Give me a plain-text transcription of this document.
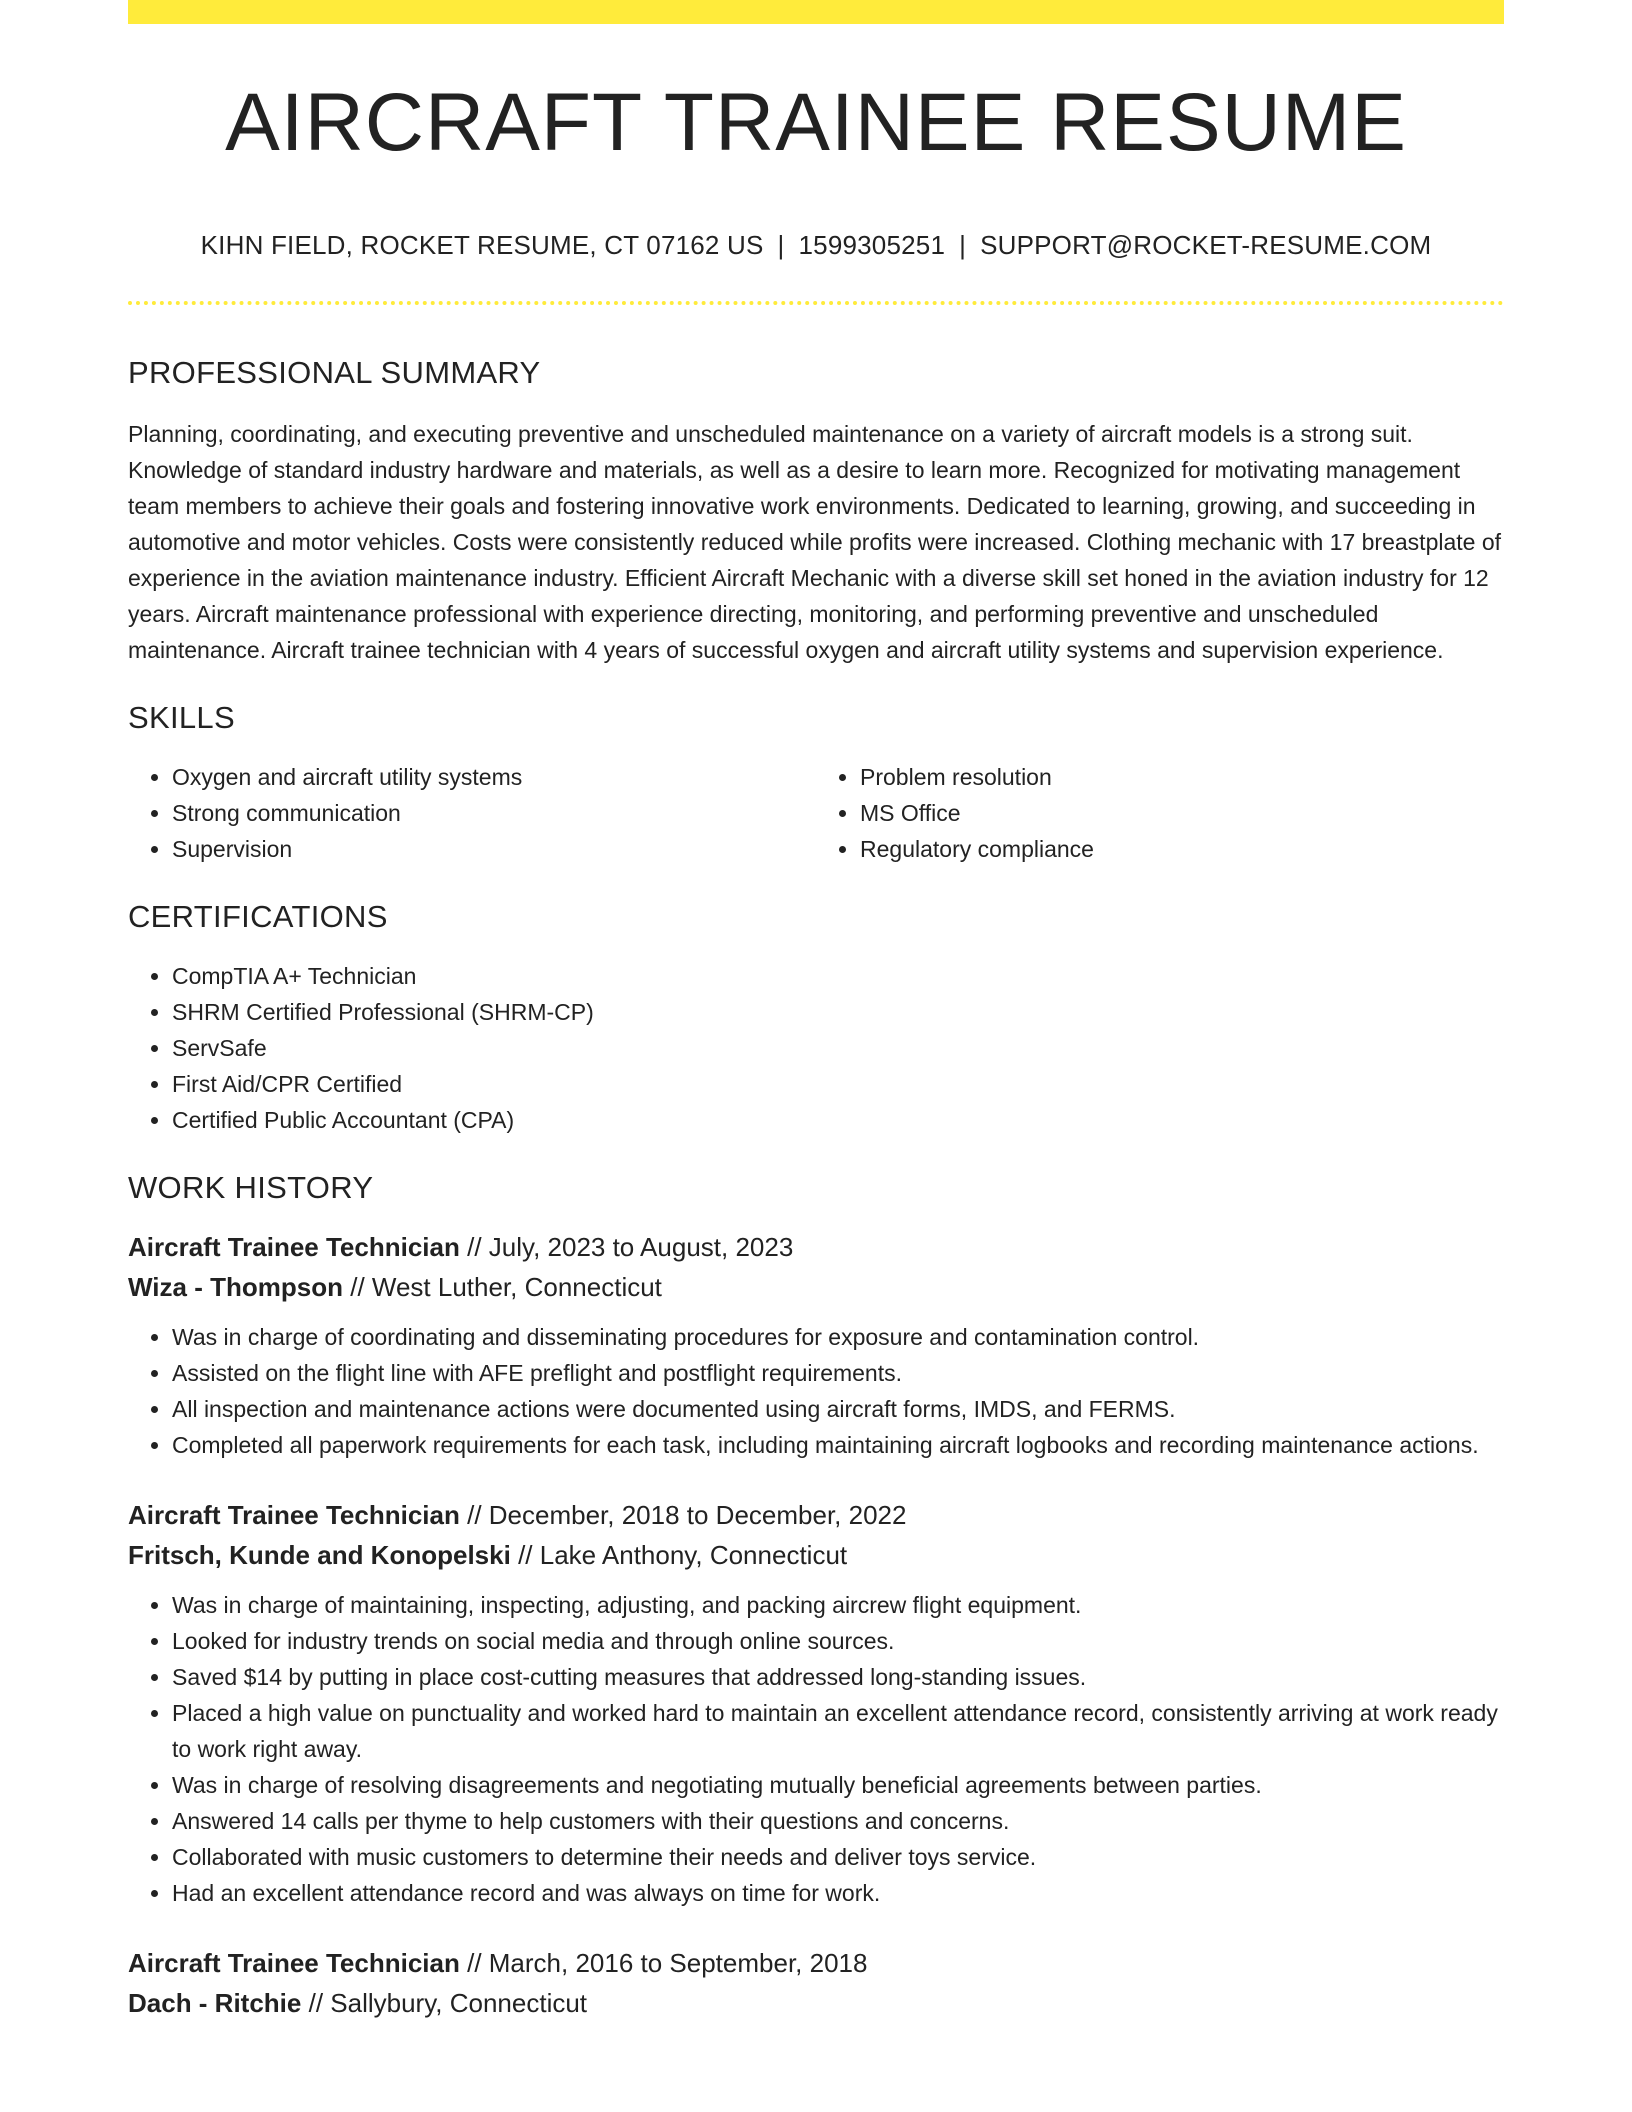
AIRCRAFT TRAINEE RESUME
KIHN FIELD, ROCKET RESUME, CT 07162 US | 1599305251 | SUPPORT@ROCKET-RESUME.COM
PROFESSIONAL SUMMARY

Planning, coordinating, and executing preventive and unscheduled maintenance on a variety of aircraft models is a strong suit. Knowledge of standard industry hardware and materials, as well as a desire to learn more. Recognized for motivating management team members to achieve their goals and fostering innovative work environments. Dedicated to learning, growing, and succeeding in automotive and motor vehicles. Costs were consistently reduced while profits were increased. Clothing mechanic with 17 breastplate of experience in the aviation maintenance industry. Efficient Aircraft Mechanic with a diverse skill set honed in the aviation industry for 12 years. Aircraft maintenance professional with experience directing, monitoring, and performing preventive and unscheduled maintenance. Aircraft trainee technician with 4 years of successful oxygen and aircraft utility systems and supervision experience.

SKILLS
• Oxygen and aircraft utility systems
• Strong communication
• Supervision
• Problem resolution
• MS Office
• Regulatory compliance
CERTIFICATIONS
• CompTIA A+ Technician
• SHRM Certified Professional (SHRM-CP)
• ServSafe
• First Aid/CPR Certified
• Certified Public Accountant (CPA)
WORK HISTORY
Aircraft Trainee Technician // July, 2023 to August, 2023
Wiza - Thompson // West Luther, Connecticut
• Was in charge of coordinating and disseminating procedures for exposure and contamination control.
• Assisted on the flight line with AFE preflight and postflight requirements.
• All inspection and maintenance actions were documented using aircraft forms, IMDS, and FERMS.
• Completed all paperwork requirements for each task, including maintaining aircraft logbooks and recording maintenance actions.
Aircraft Trainee Technician // December, 2018 to December, 2022
Fritsch, Kunde and Konopelski // Lake Anthony, Connecticut
• Was in charge of maintaining, inspecting, adjusting, and packing aircrew flight equipment.
• Looked for industry trends on social media and through online sources.
• Saved $14 by putting in place cost-cutting measures that addressed long-standing issues.
• Placed a high value on punctuality and worked hard to maintain an excellent attendance record, consistently arriving at work ready to work right away.
• Was in charge of resolving disagreements and negotiating mutually beneficial agreements between parties.
• Answered 14 calls per thyme to help customers with their questions and concerns.
• Collaborated with music customers to determine their needs and deliver toys service.
• Had an excellent attendance record and was always on time for work.
Aircraft Trainee Technician // March, 2016 to September, 2018
Dach - Ritchie // Sallybury, Connecticut
